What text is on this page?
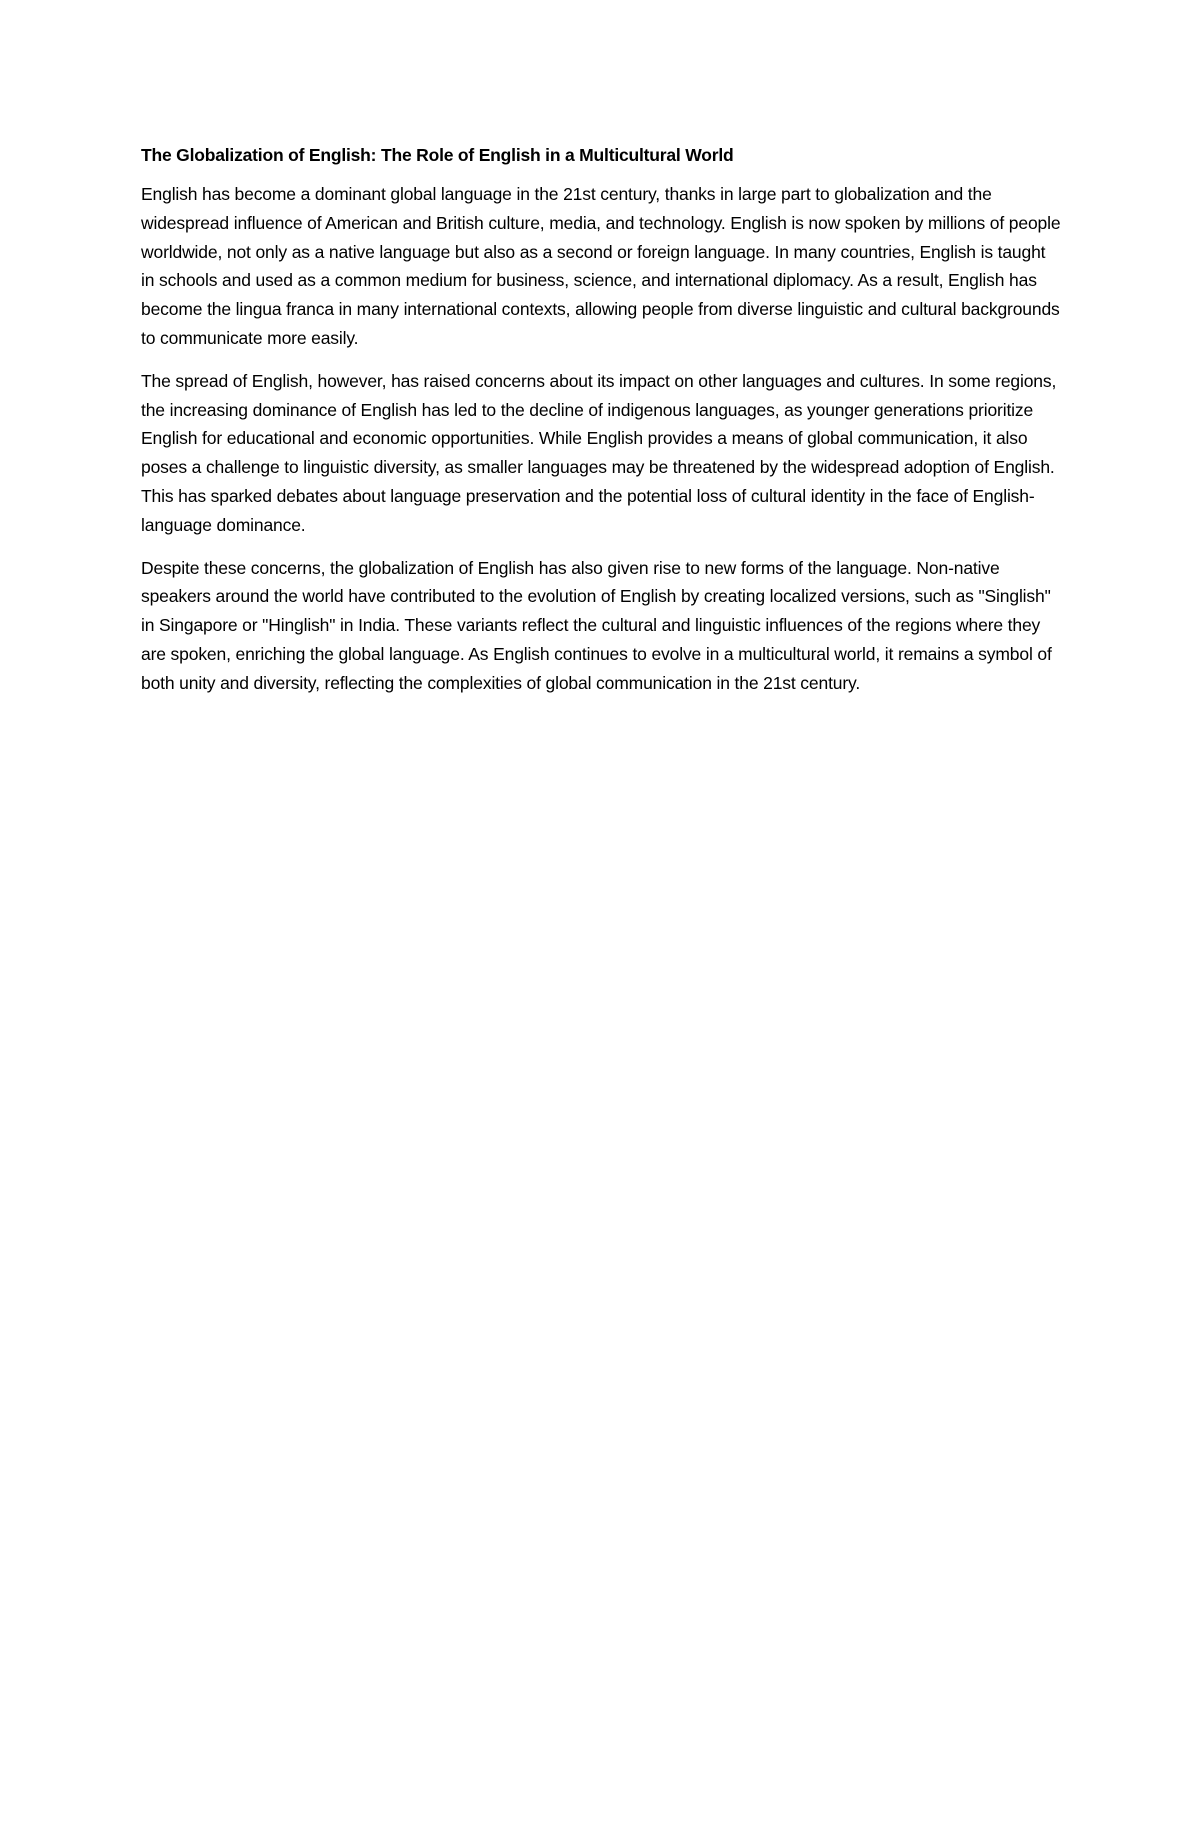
The Globalization of English: The Role of English in a Multicultural World

English has become a dominant global language in the 21st century, thanks in large part to globalization and the widespread influence of American and British culture, media, and technology. English is now spoken by millions of people worldwide, not only as a native language but also as a second or foreign language. In many countries, English is taught in schools and used as a common medium for business, science, and international diplomacy. As a result, English has become the lingua franca in many international contexts, allowing people from diverse linguistic and cultural backgrounds to communicate more easily.

The spread of English, however, has raised concerns about its impact on other languages and cultures. In some regions, the increasing dominance of English has led to the decline of indigenous languages, as younger generations prioritize English for educational and economic opportunities. While English provides a means of global communication, it also poses a challenge to linguistic diversity, as smaller languages may be threatened by the widespread adoption of English. This has sparked debates about language preservation and the potential loss of cultural identity in the face of English-language dominance.

Despite these concerns, the globalization of English has also given rise to new forms of the language. Non-native speakers around the world have contributed to the evolution of English by creating localized versions, such as "Singlish" in Singapore or "Hinglish" in India. These variants reflect the cultural and linguistic influences of the regions where they are spoken, enriching the global language. As English continues to evolve in a multicultural world, it remains a symbol of both unity and diversity, reflecting the complexities of global communication in the 21st century.
